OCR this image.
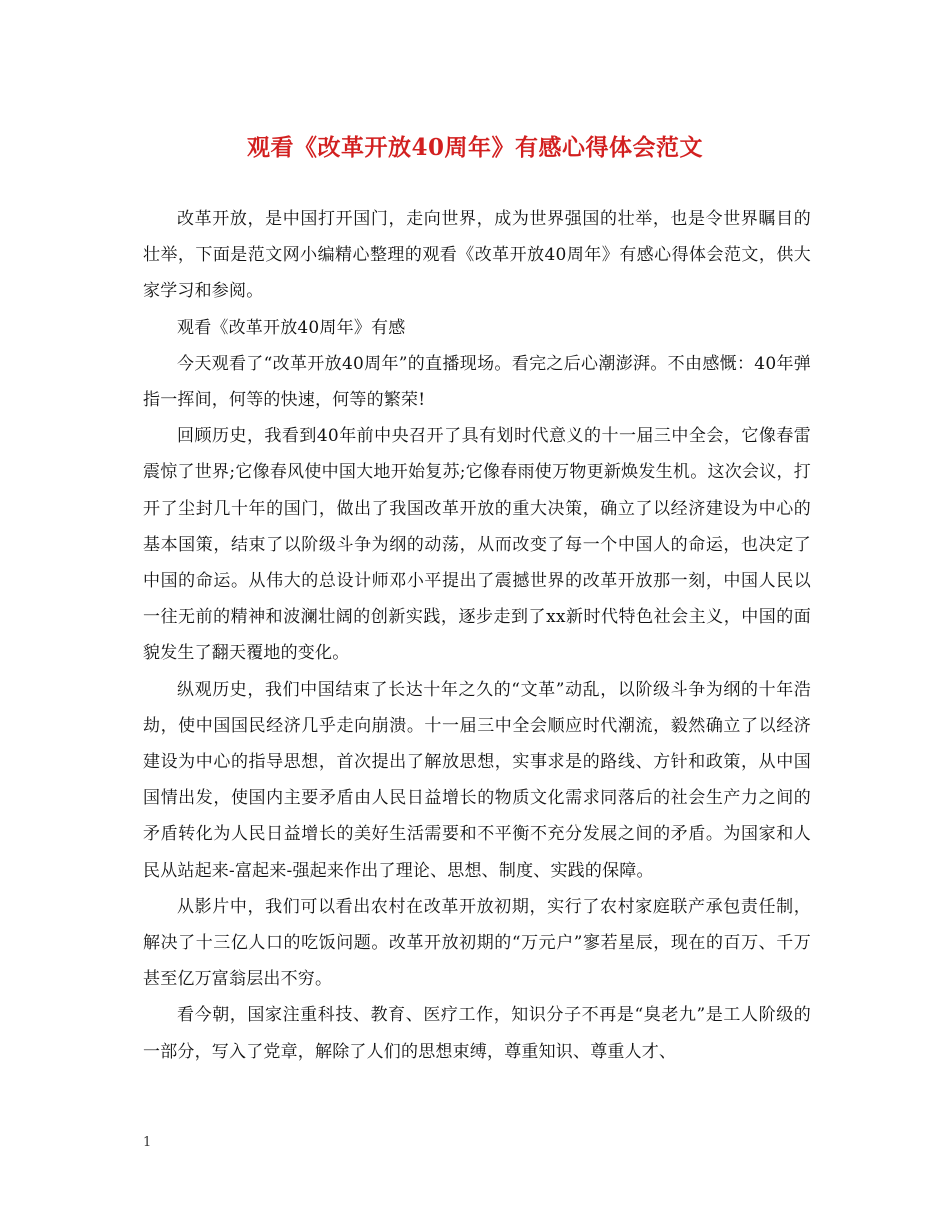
观看《改革开放40周年》有感心得体会范文

改革开放，是中国打开国门，走向世界，成为世界强国的壮举，也是令世界瞩目的壮举，下面是范文网小编精心整理的观看《改革开放40周年》有感心得体会范文，供大家学习和参阅。

观看《改革开放40周年》有感

今天观看了“改革开放40周年”的直播现场。看完之后心潮澎湃。不由感慨：40年弹指一挥间，何等的快速，何等的繁荣!

回顾历史，我看到40年前中央召开了具有划时代意义的十一届三中全会，它像春雷震惊了世界;它像春风使中国大地开始复苏;它像春雨使万物更新焕发生机。这次会议，打开了尘封几十年的国门，做出了我国改革开放的重大决策，确立了以经济建设为中心的基本国策，结束了以阶级斗争为纲的动荡，从而改变了每一个中国人的命运，也决定了中国的命运。从伟大的总设计师邓小平提出了震撼世界的改革开放那一刻，中国人民以一往无前的精神和波澜壮阔的创新实践，逐步走到了xx新时代特色社会主义，中国的面貌发生了翻天覆地的变化。

纵观历史，我们中国结束了长达十年之久的“文革”动乱，以阶级斗争为纲的十年浩劫，使中国国民经济几乎走向崩溃。十一届三中全会顺应时代潮流，毅然确立了以经济建设为中心的指导思想，首次提出了解放思想，实事求是的路线、方针和政策，从中国国情出发，使国内主要矛盾由人民日益增长的物质文化需求同落后的社会生产力之间的矛盾转化为人民日益增长的美好生活需要和不平衡不充分发展之间的矛盾。为国家和人民从站起来-富起来-强起来作出了理论、思想、制度、实践的保障。

从影片中，我们可以看出农村在改革开放初期，实行了农村家庭联产承包责任制，解决了十三亿人口的吃饭问题。改革开放初期的“万元户”寥若星辰，现在的百万、千万甚至亿万富翁层出不穷。

看今朝，国家注重科技、教育、医疗工作，知识分子不再是“臭老九”是工人阶级的一部分，写入了党章，解除了人们的思想束缚，尊重知识、尊重人才、

1
